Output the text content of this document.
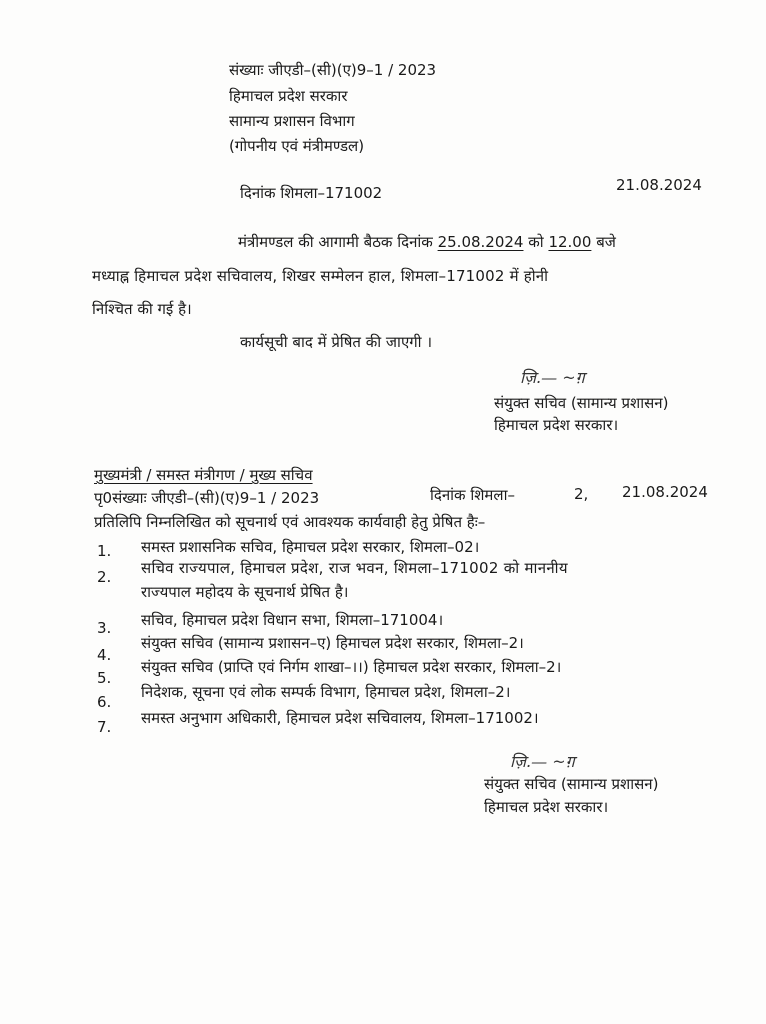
संख्याः जीएडी–(सी)(ए)9–1 / 2023
हिमाचल प्रदेश सरकार
सामान्य प्रशासन विभाग
(गोपनीय एवं मंत्रीमण्डल)
दिनांक शिमला–171002	21.08.2024
मंत्रीमण्डल की आगामी बैठक दिनांक 25.08.2024 को 12.00 बजे
मध्याह्न हिमाचल प्रदेश सचिवालय, शिखर सम्मेलन हाल, शिमला–171002 में होनी
निश्चित की गई है।
कार्यसूची बाद में प्रेषित की जाएगी ।
ज़ि.— ~ग़
संयुक्त सचिव (सामान्य प्रशासन)
हिमाचल प्रदेश सरकार।
मुख्यमंत्री / समस्त मंत्रीगण / मुख्य सचिव
पृ0संख्याः जीएडी–(सी)(ए)9–1 / 2023	दिनांक शिमला–	2, 21.08.2024
प्रतिलिपि निम्नलिखित को सूचनार्थ एवं आवश्यक कार्यवाही हेतु प्रेषित हैः–
1. समस्त प्रशासनिक सचिव, हिमाचल प्रदेश सरकार, शिमला–02।
2. सचिव राज्यपाल, हिमाचल प्रदेश, राज भवन, शिमला–171002 को माननीय
राज्यपाल महोदय के सूचनार्थ प्रेषित है।
3. सचिव, हिमाचल प्रदेश विधान सभा, शिमला–171004।
4.
संयुक्त सचिव (सामान्य प्रशासन–ए) हिमाचल प्रदेश सरकार, शिमला–2।
5.
संयुक्त सचिव (प्राप्ति एवं निर्गम शाखा–।।) हिमाचल प्रदेश सरकार, शिमला–2।
6.
निदेशक, सूचना एवं लोक सम्पर्क विभाग, हिमाचल प्रदेश, शिमला–2।
7. समस्त अनुभाग अधिकारी, हिमाचल प्रदेश सचिवालय, शिमला–171002।
ज़ि.— ~ग़
संयुक्त सचिव (सामान्य प्रशासन)
हिमाचल प्रदेश सरकार।
